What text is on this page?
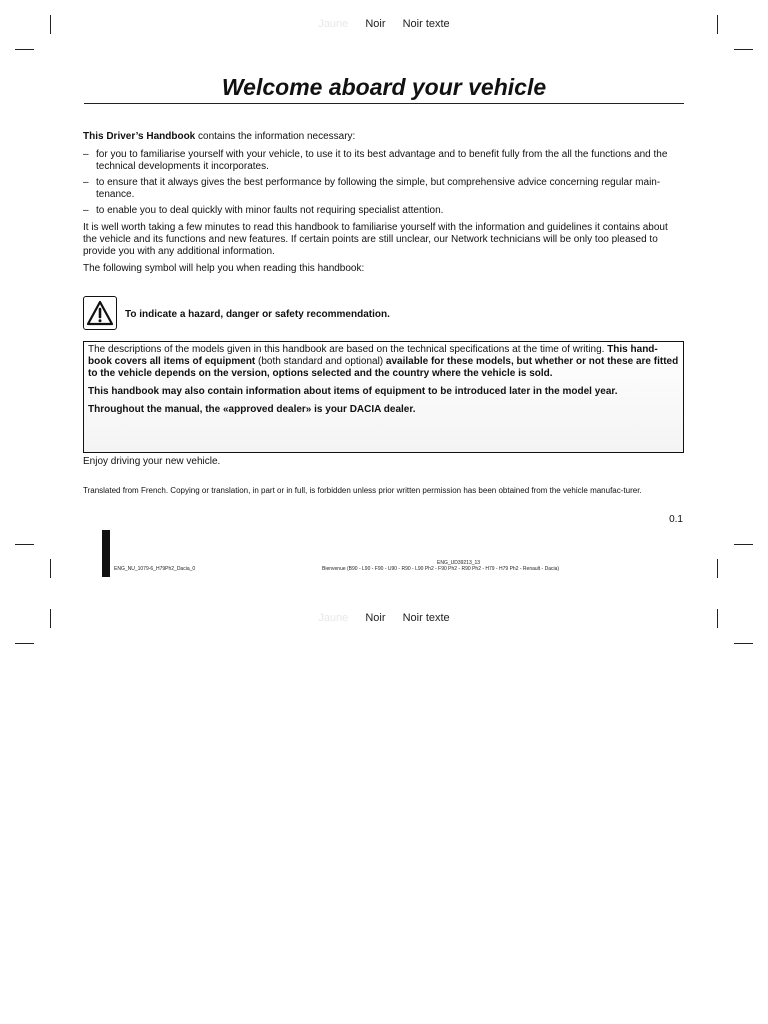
Jaune Noir Noir texte
Welcome aboard your vehicle
This Driver’s Handbook contains the information necessary:
– for you to familiarise yourself with your vehicle, to use it to its best advantage and to benefit fully from the all the functions and the technical developments it incorporates.
– to ensure that it always gives the best performance by following the simple, but comprehensive advice concerning regular main-tenance.
– to enable you to deal quickly with minor faults not requiring specialist attention.
It is well worth taking a few minutes to read this handbook to familiarise yourself with the information and guidelines it contains about the vehicle and its functions and new features. If certain points are still unclear, our Network technicians will be only too pleased to provide you with any additional information.
The following symbol will help you when reading this handbook:
To indicate a hazard, danger or safety recommendation.

The descriptions of the models given in this handbook are based on the technical specifications at the time of writing. This hand-book covers all items of equipment (both standard and optional) available for these models, but whether or not these are fitted to the vehicle depends on the version, options selected and the country where the vehicle is sold.

This handbook may also contain information about items of equipment to be introduced later in the model year.

Throughout the manual, the «approved dealer» is your DACIA dealer.

Enjoy driving your new vehicle.
Translated from French. Copying or translation, in part or in full, is forbidden unless prior written permission has been obtained from the vehicle manufac-turer.
0.1
ENG_NU_1079-6_H79Ph2_Dacia_0
ENG_UD39213_13
Bienvenue (B90 - L90 - F90 - U90 - R90 - L90 Ph2 - F90 Ph2 - R90 Ph2 - H79 - H79 Ph2 - Renault - Dacia)
Jaune Noir Noir texte
